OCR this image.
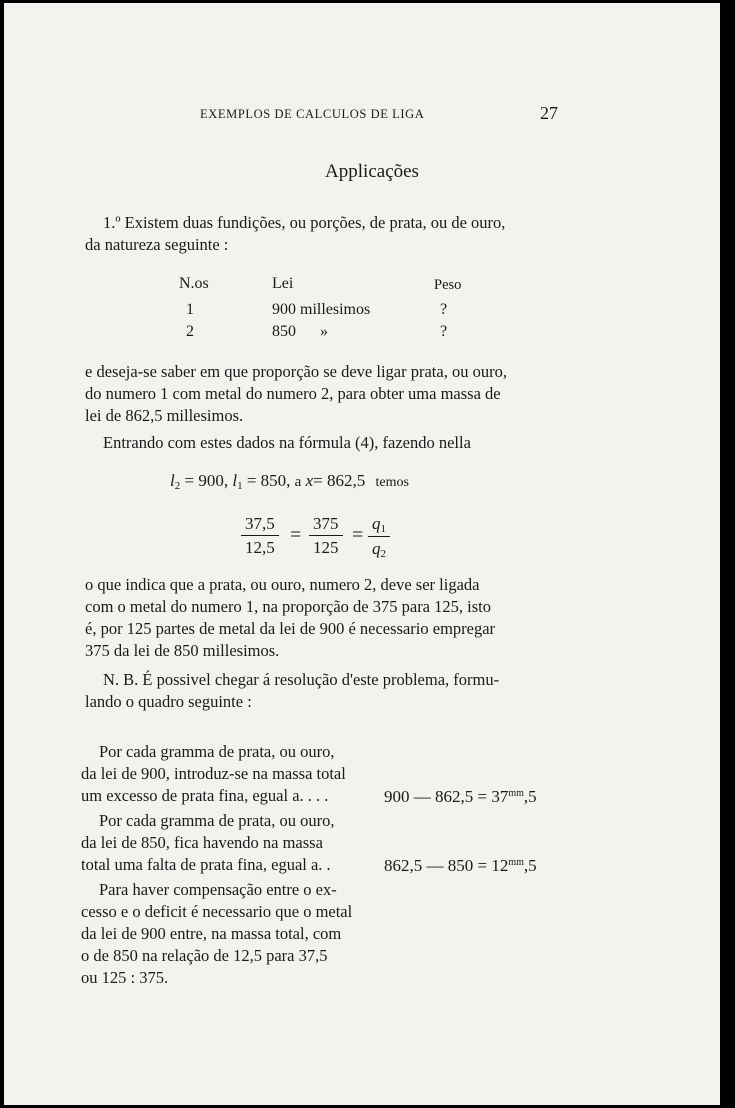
EXEMPLOS DE CALCULOS DE LIGA	27
Applicações
1.º Existem duas fundições, ou porções, de prata, ou de ouro,
da natureza seguinte :
N.os	Lei	Peso
1	900 millesimos	?
2	850      »	?
e deseja-se saber em que proporção se deve ligar prata, ou ouro,
do numero 1 com metal do numero 2, para obter uma massa de
lei de 862,5 millesimos.
Entrando com estes dados na fórmula (4), fazendo nella
$l_2 = 900$, $l_1 = 850$, a x= 862,5 temos
$\frac{37,5}{12,5} = \frac{375}{125} = \frac{q_1}{q_2}$
o que indica que a prata, ou ouro, numero 2, deve ser ligada
com o metal do numero 1, na proporção de 375 para 125, isto
é, por 125 partes de metal da lei de 900 é necessario empregar
375 da lei de 850 millesimos.
N. B. É possivel chegar á resolução d'este problema, formu-
lando o quadro seguinte :
Por cada gramma de prata, ou ouro,
da lei de 900, introduz-se na massa total
um excesso de prata fina, egual a. . . .	900 — $862,5 = 37^{mm},5$
Por cada gramma de prata, ou ouro,
da lei de 850, fica havendo na massa
total uma falta de prata fina, egual a. .	862,5 — $850 = 12^{mm},5$
Para haver compensação entre o ex-
cesso e o deficit é necessario que o metal
da lei de 900 entre, na massa total, com
o de 850 na relação de 12,5 para 37,5
ou 125 : 375.
